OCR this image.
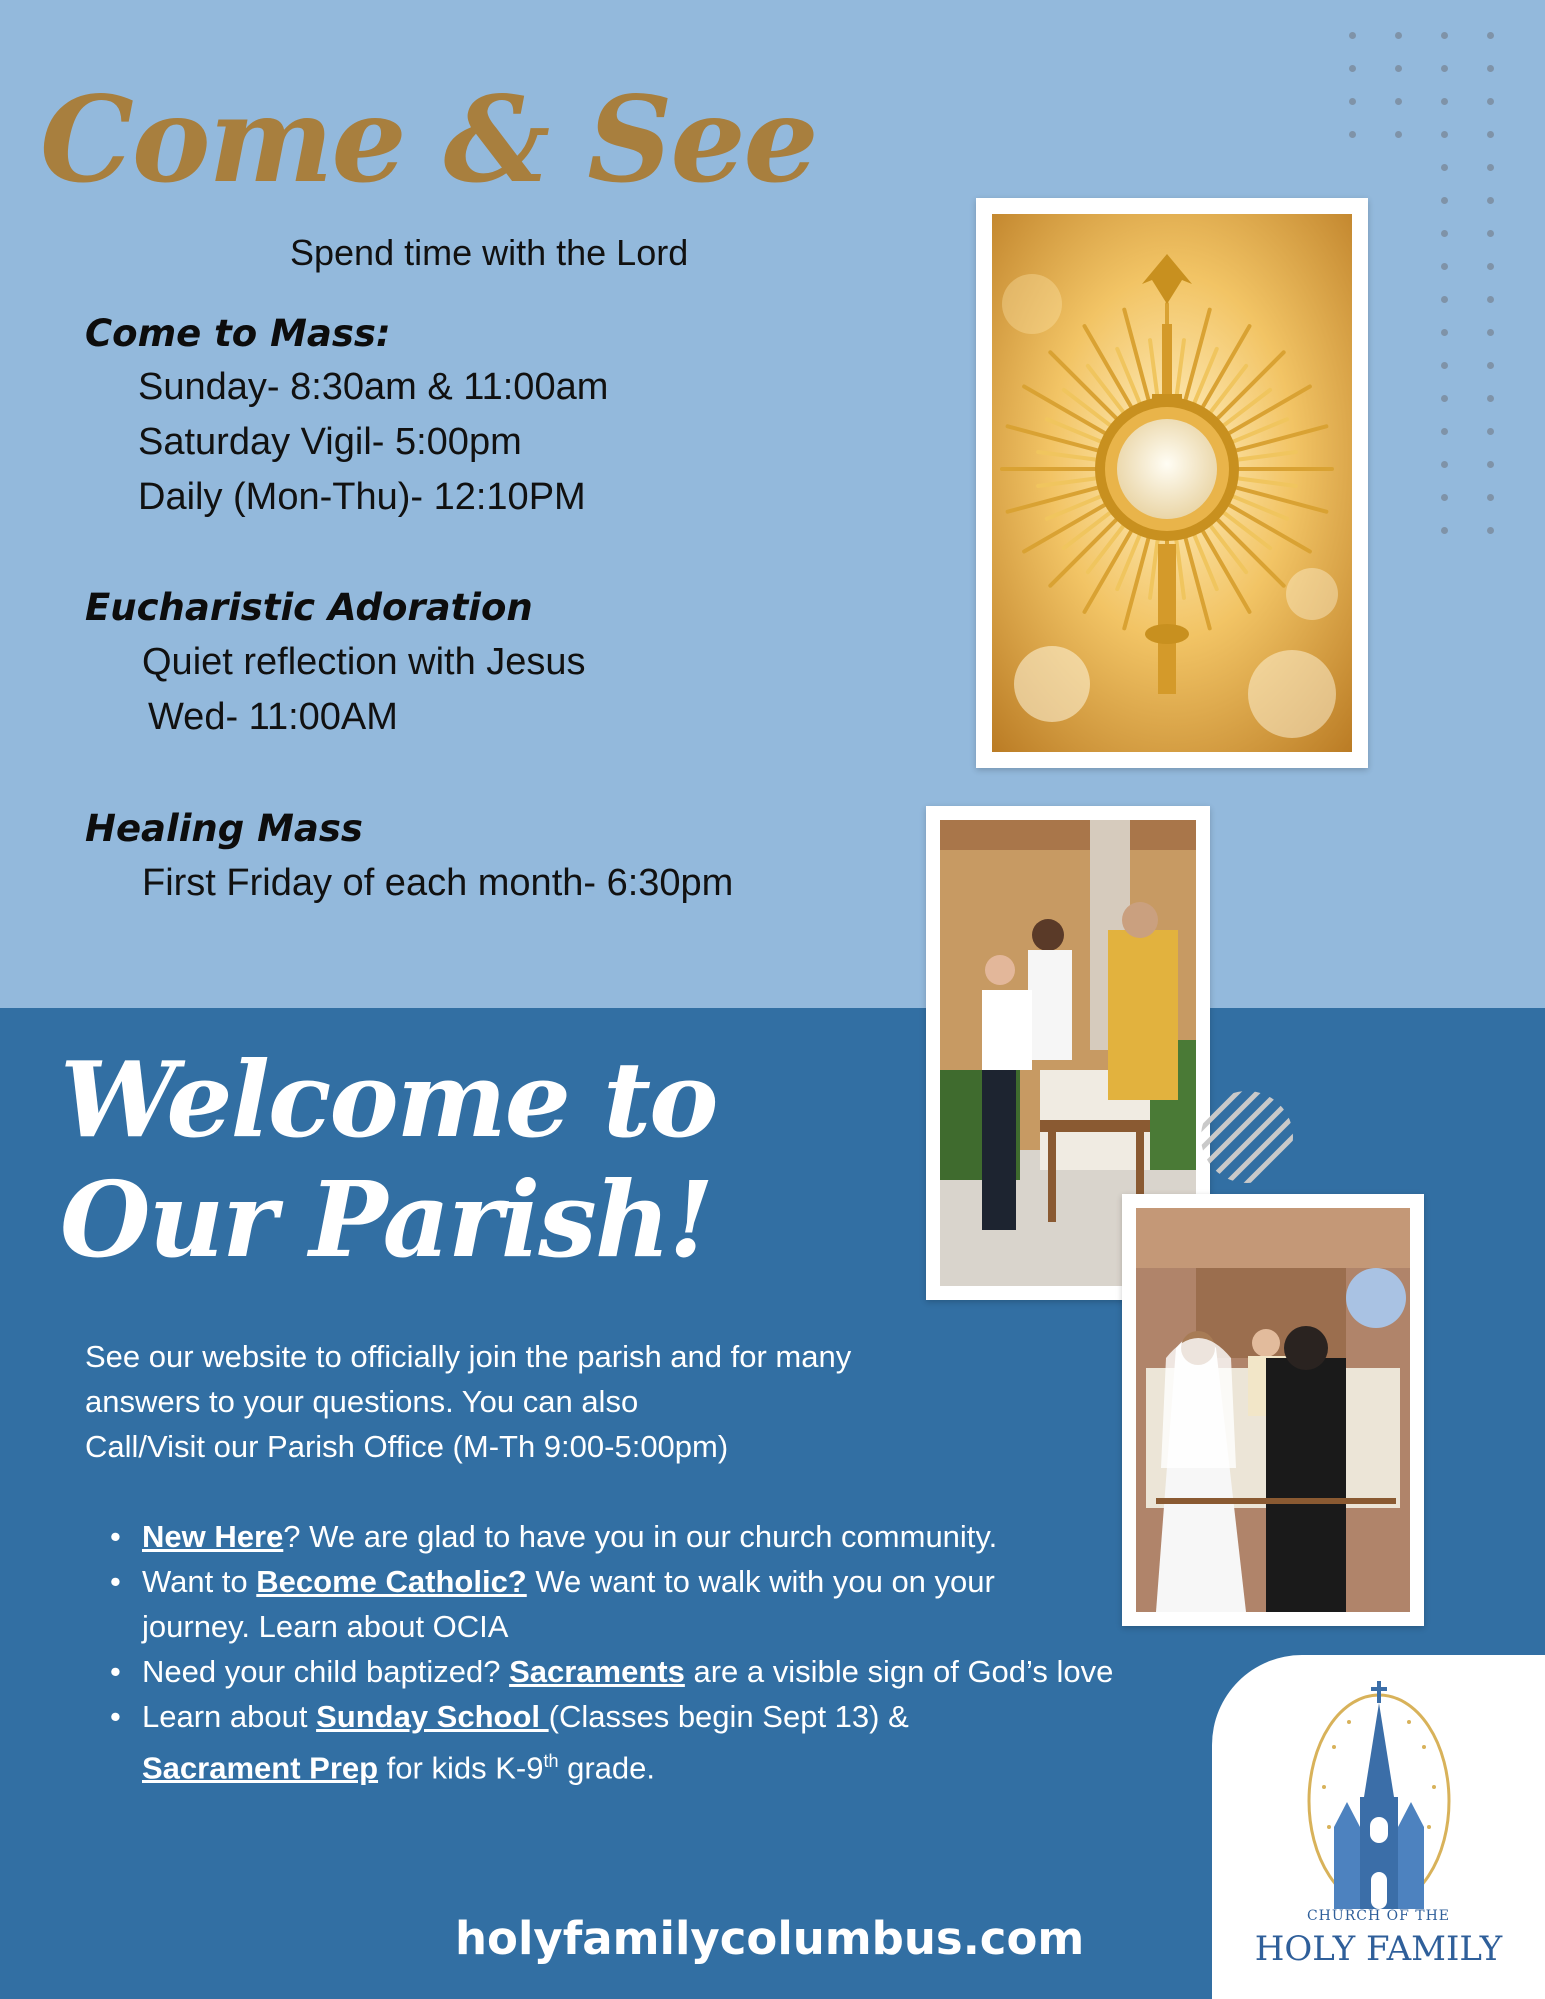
Come & See
Spend time with the Lord
Come to Mass:
Sunday- 8:30am & 11:00am
Saturday Vigil- 5:00pm
Daily (Mon-Thu)- 12:10PM
Eucharistic Adoration
Quiet reflection with Jesus
Wed- 11:00AM
Healing Mass
First Friday of each month- 6:30pm
Welcome to
Our Parish!
See our website to officially join the parish and for many
answers to your questions. You can also
Call/Visit our Parish Office (M-Th 9:00-5:00pm)
• New Here? We are glad to have you in our church community.
• Want to Become Catholic? We want to walk with you on your journey. Learn about OCIA
• Need your child baptized? Sacraments are a visible sign of God’s love
• Learn about Sunday School (Classes begin Sept 13) &
Sacrament Prep for kids K-9th grade.
holyfamilycolumbus.com	CHURCH OF THE
HOLY FAMILY
